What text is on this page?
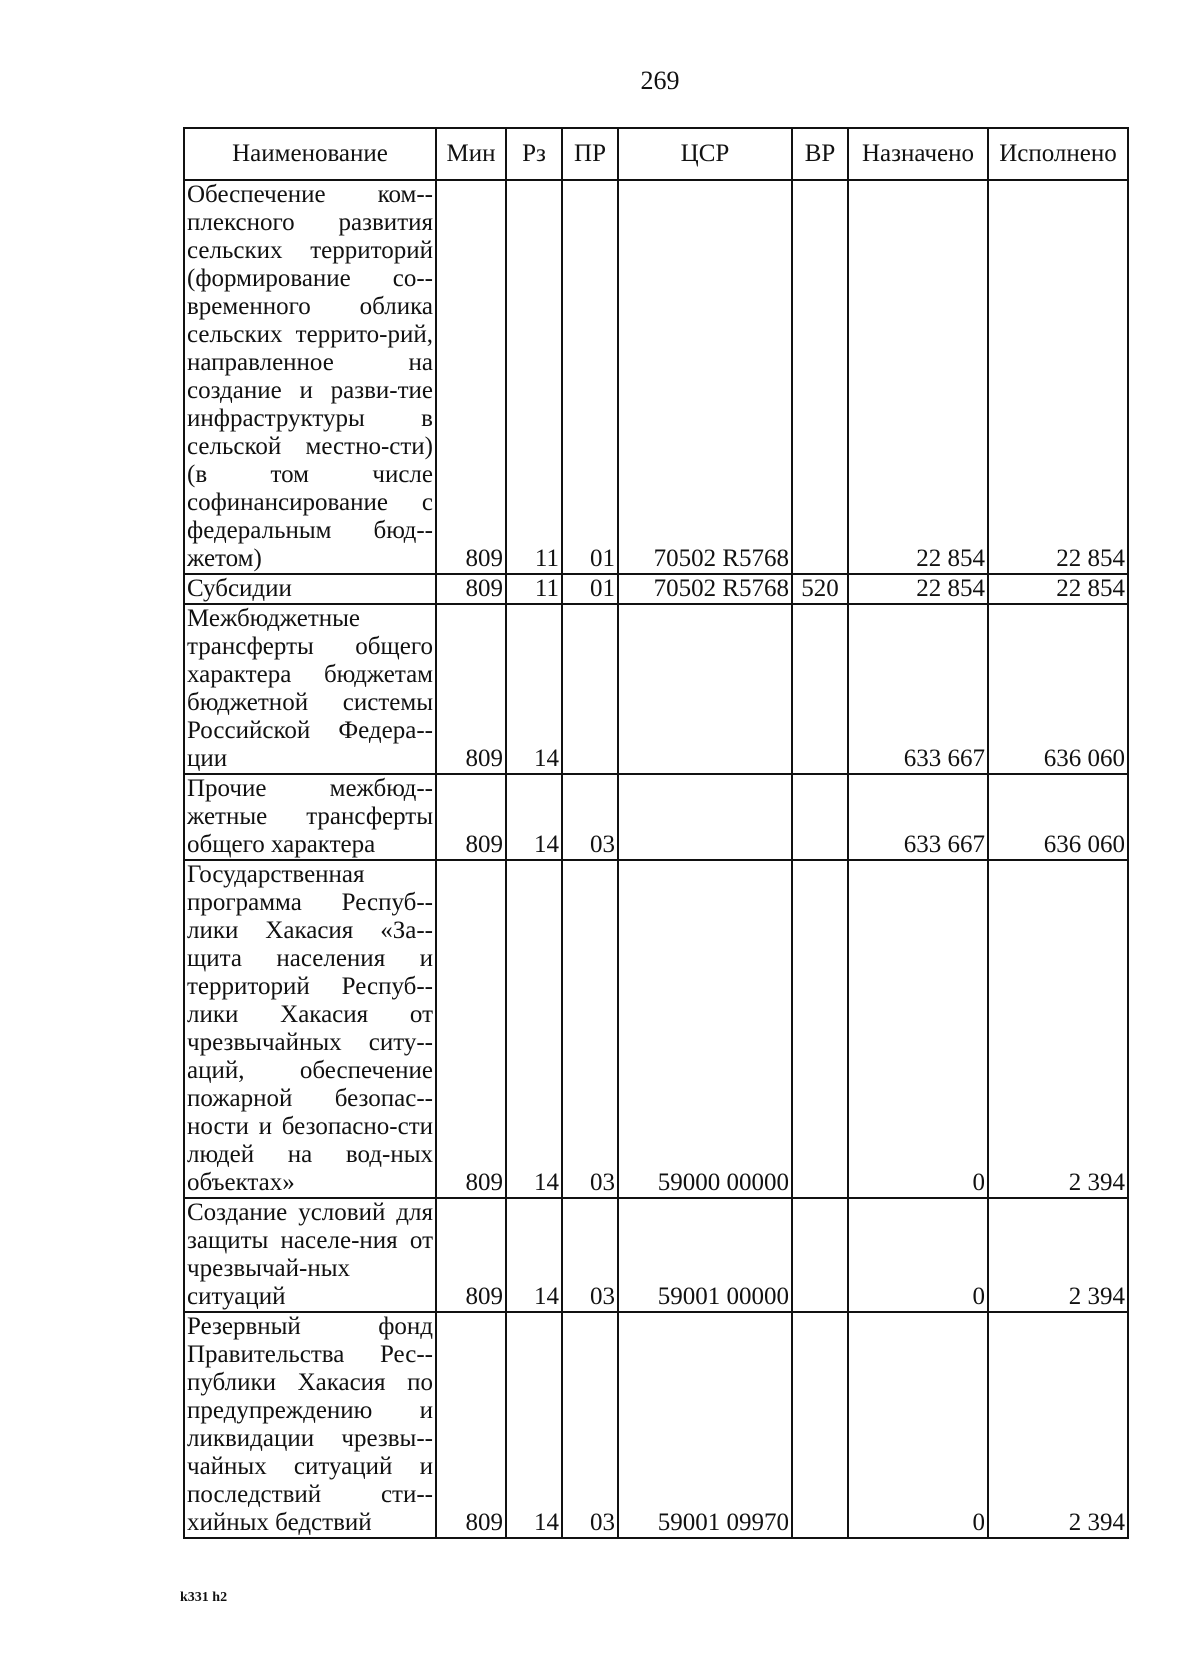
269
Наименование	Мин	Рз	ПР	ЦСР	ВР	Назначено	Исполнено
Обеспечение ком-плексного развития сельских территорий (формирование со-временного облика сельских террито-рий, направленное на создание и разви-тие инфраструктуры в сельской местно-сти) (в том числе софинансирование с федеральным бюд-жетом)	809	11	01	70502 R5768		22 854	22 854
Субсидии	809	11	01	70502 R5768	520	22 854	22 854
Межбюджетные трансферты общего характера бюджетам бюджетной системы Российской Федера-ции	809	14				633 667	636 060
Прочие межбюд-жетные трансферты общего характера	809	14	03			633 667	636 060
Государственная программа Респуб-лики Хакасия «За-щита населения и территорий Респуб-лики Хакасия от чрезвычайных ситу-аций, обеспечение пожарной безопас-ности и безопасно-сти людей на вод-ных объектах»	809	14	03	59000 00000		0	2 394
Создание условий для защиты населе-ния от чрезвычай-ных ситуаций	809	14	03	59001 00000		0	2 394
Резервный фонд Правительства Рес-публики Хакасия по предупреждению и ликвидации чрезвы-чайных ситуаций и последствий сти-хийных бедствий	809	14	03	59001 09970		0	2 394
k331 h2
